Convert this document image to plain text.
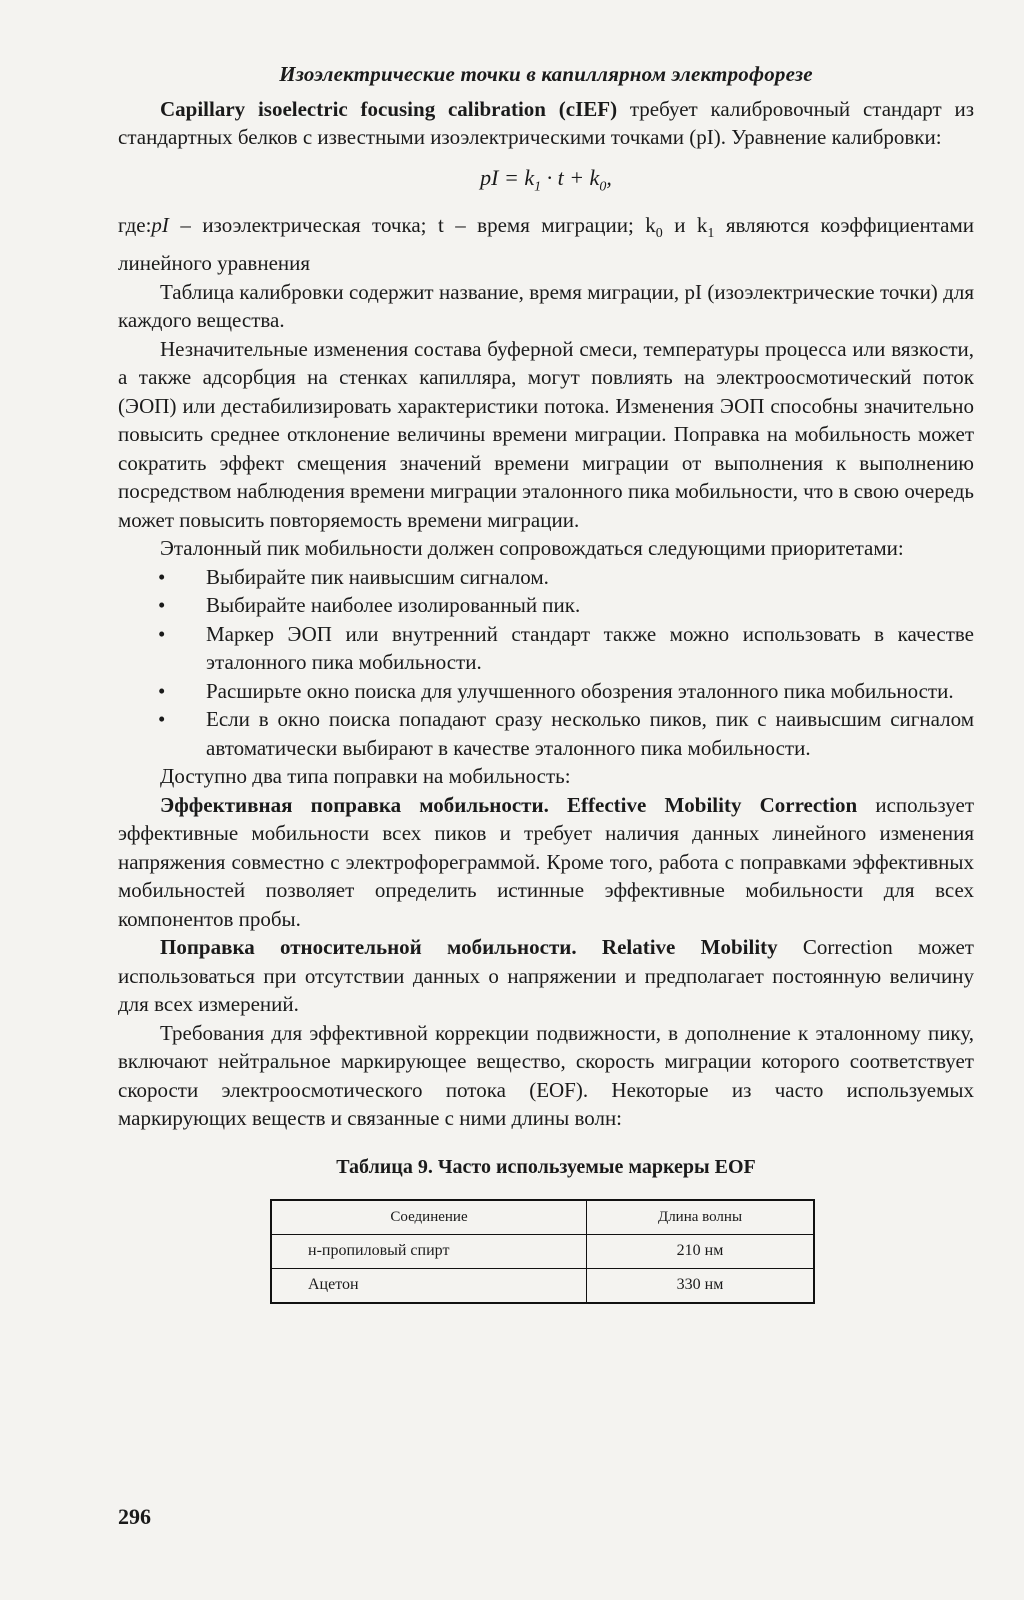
Изоэлектрические точки в капиллярном электрофорезе

Capillary isoelectric focusing calibration (cIEF) требует калибровочный стандарт из стандартных белков с известными изоэлектрическими точками (pI). Уравнение калибровки:

pI = $k_1 \cdot t + k_0$,

где:pI – изоэлектрическая точка; t – время миграции; $k_0$ и $k_1$ являются коэффициентами линейного уравнения

Таблица калибровки содержит название, время миграции, pI (изоэлектрические точки) для каждого вещества.

Незначительные изменения состава буферной смеси, температуры процесса или вязкости, а также адсорбция на стенках капилляра, могут повлиять на электроосмотический поток (ЭОП) или дестабилизировать характеристики потока. Изменения ЭОП способны значительно повысить среднее отклонение величины времени миграции. Поправка на мобильность может сократить эффект смещения значений времени миграции от выполнения к выполнению посредством наблюдения времени миграции эталонного пика мобильности, что в свою очередь может повысить повторяемость времени миграции.

Эталонный пик мобильности должен сопровождаться следующими приоритетами:

• Выбирайте пик наивысшим сигналом.
• Выбирайте наиболее изолированный пик.
• Маркер ЭОП или внутренний стандарт также можно использовать в качестве эталонного пика мобильности.
• Расширьте окно поиска для улучшенного обозрения эталонного пика мобильности.
• Если в окно поиска попадают сразу несколько пиков, пик с наивысшим сигналом автоматически выбирают в качестве эталонного пика мобильности.

Доступно два типа поправки на мобильность:

Эффективная поправка мобильности. Effective Mobility Correction использует эффективные мобильности всех пиков и требует наличия данных линейного изменения напряжения совместно с электрофореграммой. Кроме того, работа с поправками эффективных мобильностей позволяет определить истинные эффективные мобильности для всех компонентов пробы.

Поправка относительной мобильности. Relative Mobility Correction может использоваться при отсутствии данных о напряжении и предполагает постоянную величину для всех измерений.

Требования для эффективной коррекции подвижности, в дополнение к эталонному пику, включают нейтральное маркирующее вещество, скорость миграции которого соответствует скорости электроосмотического потока (EOF). Некоторые из часто используемых маркирующих веществ и связанные с ними длины волн:

Таблица 9. Часто используемые маркеры EOF
Соединение	Длина волны
н-пропиловый спирт	210 нм
Ацетон	330 нм
296
